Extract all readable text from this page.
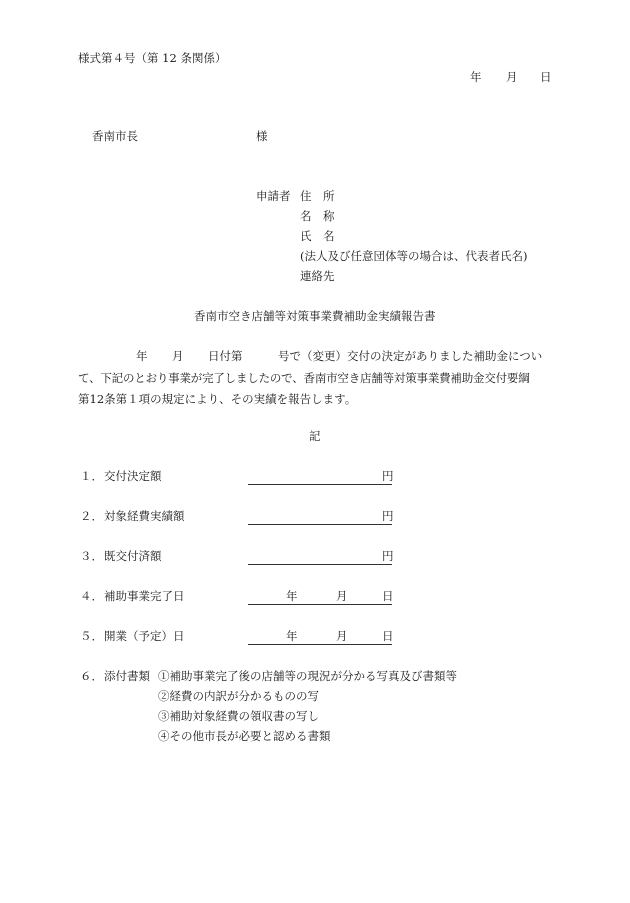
様式第４号（第 12 条関係）
年 月 日
香南市長	様
申請者 住　所
名　称
氏　名
(法人及び任意団体等の場合は、代表者氏名)
連絡先
香南市空き店舗等対策事業費補助金実績報告書
年 月 日付第	号で（変更）交付の決定がありました補助金につい
て、下記のとおり事業が完了しましたので、香南市空き店舗等対策事業費補助金交付要綱
第12条第１項の規定により、その実績を報告します。
記
１． 交付決定額	円
２． 対象経費実績額	円
３． 既交付済額	円
４． 補助事業完了日	年	月	日
５． 開業（予定）日	年	月	日
６． 添付書類 ①補助事業完了後の店舗等の現況が分かる写真及び書類等
②経費の内訳が分かるものの写
③補助対象経費の領収書の写し
④その他市長が必要と認める書類
